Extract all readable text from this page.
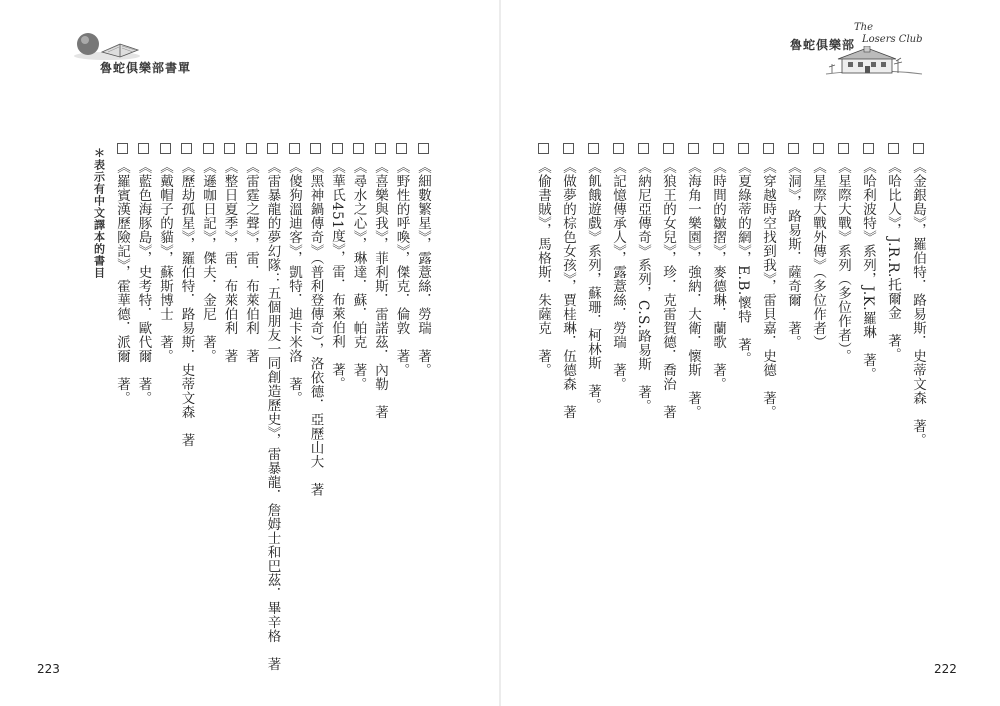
魯蛇俱樂部書單
魯蛇俱樂部
The
Losers Club
＊表示有中文譯本的書目	《細數繁星》，露薏絲．勞瑞　著。
《野性的呼喚》，傑克．倫敦　著。
《喜樂與我》，菲利斯．雷諾茲．內勒　著
《尋水之心》，琳達．蘇．帕克　著。
《華氏451度》，雷．布萊伯利　著。
《黑神鍋傳奇》（普利登傳奇），洛依德．亞歷山大　著
《傻狗溫迪客》，凱特．迪卡米洛　著。
《雷暴龍的夢幻隊：五個朋友一同創造歷史》，雷暴龍．詹姆士和巴茲．畢辛格　著
《雷霆之聲》，雷．布萊伯利　著
《整日夏季》，雷．布萊伯利　著
《遜咖日記》，傑夫．金尼　著。
《歷劫孤星》，羅伯特．路易斯．史蒂文森　著
《戴帽子的貓》，蘇斯博士　著。	《金銀島》，羅伯特．路易斯．史蒂文森　著。
《哈比人》，J.R.R.托爾金　著。
《哈利波特》系列，J.K.羅琳　著。
《星際大戰》系列（多位作者）。
《星際大戰外傳》（多位作者）
《洞》，路易斯．薩奇爾　著。
《穿越時空找到我》，雷貝嘉．史德　著。
《夏綠蒂的網》，E.B.懷特　著。
《時間的皺摺》，麥德琳．蘭歌　著。
《海角一樂園》，強納．大衛．懷斯　著。
《狼王的女兒》，珍．克雷賀德．喬治　著
《納尼亞傳奇》系列，C.S.路易斯　著。
《記憶傳承人》，露薏絲．勞瑞　著。
《飢餓遊戲》系列，蘇珊．柯林斯　著。
《做夢的棕色女孩》，賈桂琳．伍德森　著
《偷書賊》，馬格斯．朱薩克　著。
223	222
《藍色海豚島》，史考特．歐代爾　著。
《羅賓漢歷險記》，霍華德．派爾　著。
